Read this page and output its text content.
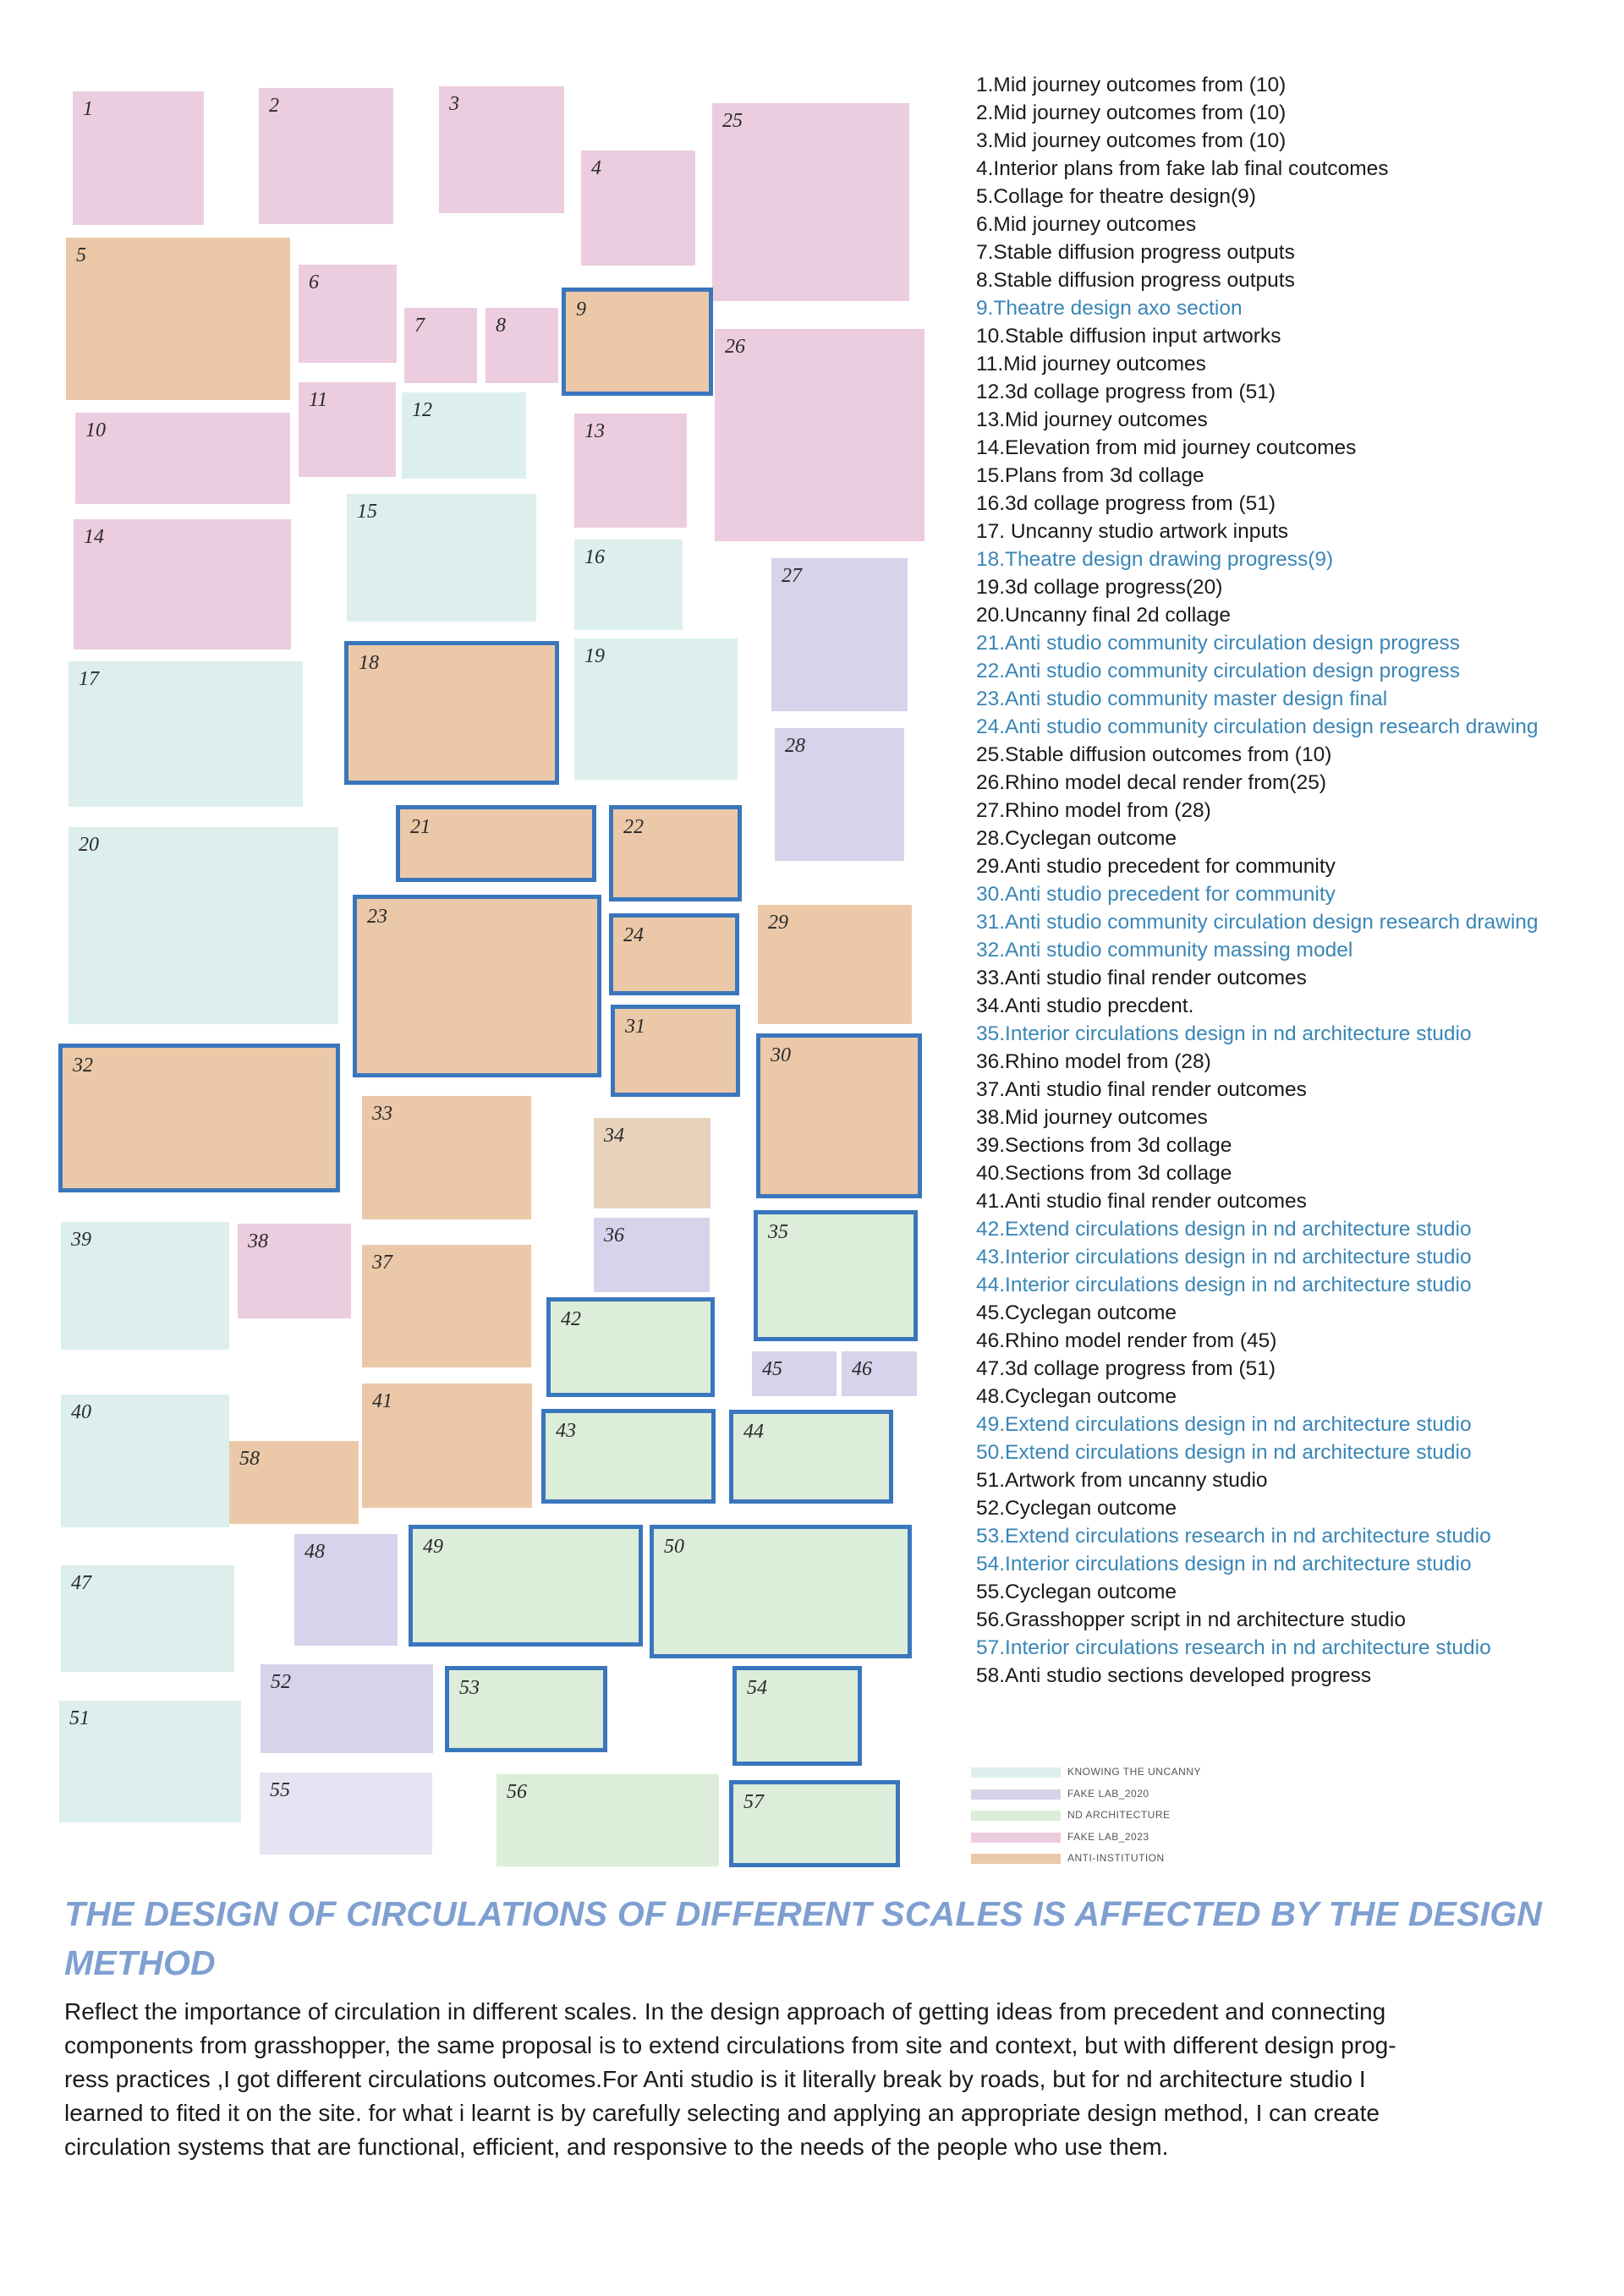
1	2	3
4
25
5
6
7	8
9
26
11	12
10	13
15
14
16
27
18	19
17
28
21	22
20
23
24
29
31
32	30
33
34
39	38	36	35
37
42
45	46
40	41
43	44
58
48	49	50
47
52	53	54
51
55	56	57
1.Mid journey outcomes from (10)
2.Mid journey outcomes from (10)
3.Mid journey outcomes from (10)
4.Interior plans from fake lab final coutcomes
5.Collage for theatre design(9)
6.Mid journey outcomes
7.Stable diffusion progress outputs
8.Stable diffusion progress outputs
9.Theatre design axo section
10.Stable diffusion input artworks
11.Mid journey outcomes
12.3d collage progress from (51)
13.Mid journey outcomes
14.Elevation from mid journey coutcomes
15.Plans from 3d collage
16.3d collage progress from (51)
17. Uncanny studio artwork inputs
18.Theatre design drawing progress(9)
19.3d collage progress(20)
20.Uncanny final 2d collage
21.Anti studio community circulation design progress
22.Anti studio community circulation design progress
23.Anti studio community master design final
24.Anti studio community circulation design research drawing
25.Stable diffusion outcomes from (10)
26.Rhino model decal render from(25)
27.Rhino model from (28)
28.Cyclegan outcome
29.Anti studio precedent for community
30.Anti studio precedent for community
31.Anti studio community circulation design research drawing
32.Anti studio community massing model
33.Anti studio final render outcomes
34.Anti studio precdent.
35.Interior circulations design in nd architecture studio
36.Rhino model from (28)
37.Anti studio final render outcomes
38.Mid journey outcomes
39.Sections from 3d collage
40.Sections from 3d collage
41.Anti studio final render outcomes
42.Extend circulations design in nd architecture studio
43.Interior circulations design in nd architecture studio
44.Interior circulations design in nd architecture studio
45.Cyclegan outcome
46.Rhino model render from (45)
47.3d collage progress from (51)
48.Cyclegan outcome
49.Extend circulations design in nd architecture studio
50.Extend circulations design in nd architecture studio
51.Artwork from uncanny studio
52.Cyclegan outcome
53.Extend circulations research in nd architecture studio
54.Interior circulations design in nd architecture studio
55.Cyclegan outcome
56.Grasshopper script in nd architecture studio
57.Interior circulations research in nd architecture studio
58.Anti studio sections developed progress
KNOWING THE UNCANNY
FAKE LAB_2020
ND ARCHITECTURE
FAKE LAB_2023
ANTI-INSTITUTION
THE DESIGN OF CIRCULATIONS OF DIFFERENT SCALES IS AFFECTED BY THE DESIGN
METHOD
Reflect the importance of circulation in different scales. In the design approach of getting ideas from precedent and connecting
components from grasshopper, the same proposal is to extend circulations from site and context, but with different design prog-
ress practices ,I got different circulations outcomes.For Anti studio is it literally break by roads, but for nd architecture studio I
learned to fited it on the site. for what i learnt is by carefully selecting and applying an appropriate design method, I can create
circulation systems that are functional, efficient, and responsive to the needs of the people who use them.
